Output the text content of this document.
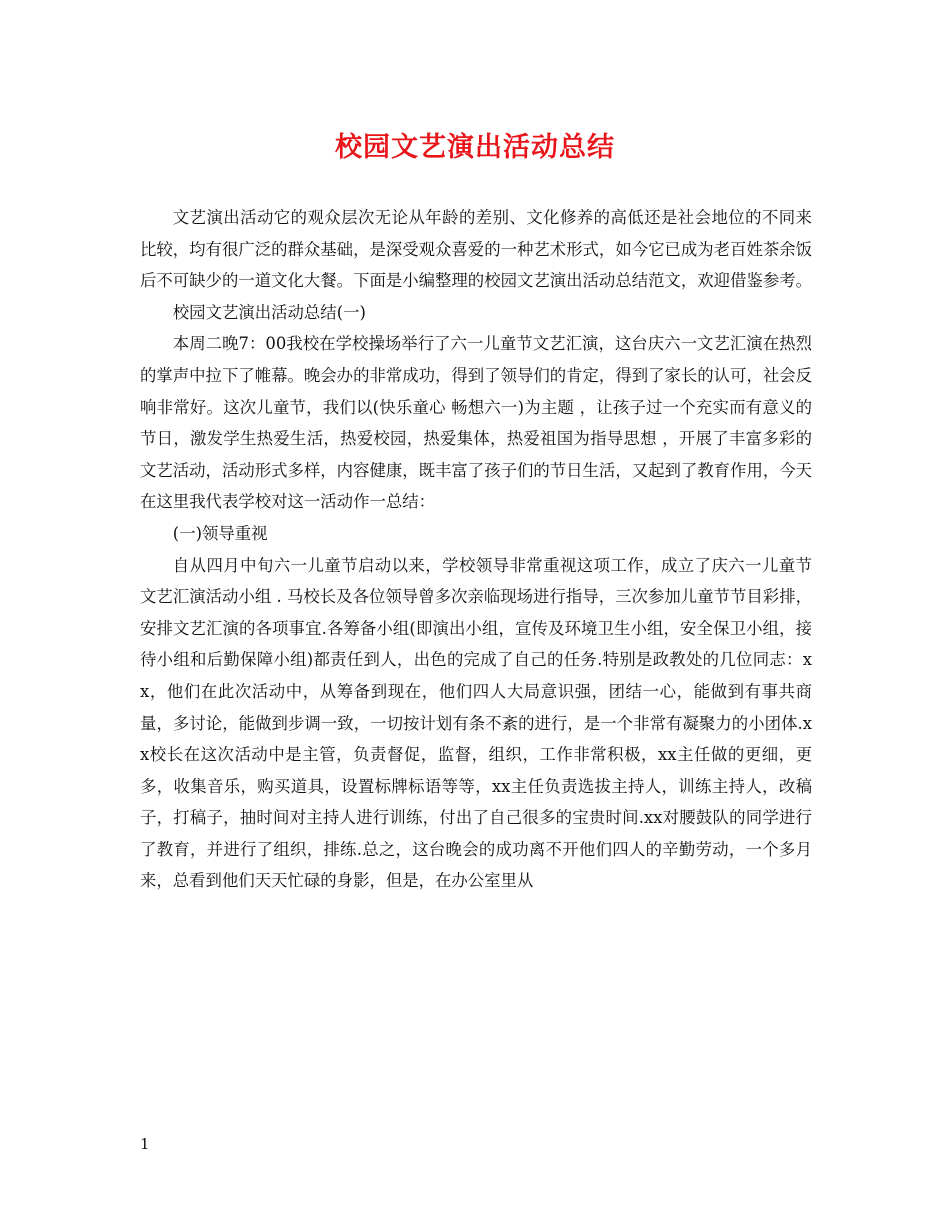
校园文艺演出活动总结

文艺演出活动它的观众层次无论从年龄的差别、文化修养的高低还是社会地位的不同来比较，均有很广泛的群众基础，是深受观众喜爱的一种艺术形式，如今它已成为老百姓茶余饭后不可缺少的一道文化大餐。下面是小编整理的校园文艺演出活动总结范文，欢迎借鉴参考。

校园文艺演出活动总结(一)

本周二晚7：00我校在学校操场举行了六一儿童节文艺汇演，这台庆六一文艺汇演在热烈的掌声中拉下了帷幕。晚会办的非常成功，得到了领导们的肯定，得到了家长的认可，社会反响非常好。这次儿童节，我们以(快乐童心 畅想六一)为主题 ，让孩子过一个充实而有意义的节日，激发学生热爱生活，热爱校园，热爱集体，热爱祖国为指导思想 ，开展了丰富多彩的文艺活动，活动形式多样，内容健康，既丰富了孩子们的节日生活，又起到了教育作用，今天在这里我代表学校对这一活动作一总结：

(一)领导重视

自从四月中旬六一儿童节启动以来，学校领导非常重视这项工作，成立了庆六一儿童节文艺汇演活动小组 . 马校长及各位领导曾多次亲临现场进行指导，三次参加儿童节节目彩排，安排文艺汇演的各项事宜.各筹备小组(即演出小组，宣传及环境卫生小组，安全保卫小组，接待小组和后勤保障小组)都责任到人，出色的完成了自己的任务.特别是政教处的几位同志：xx，他们在此次活动中，从筹备到现在，他们四人大局意识强，团结一心，能做到有事共商量，多讨论，能做到步调一致，一切按计划有条不紊的进行，是一个非常有凝聚力的小团体.xx校长在这次活动中是主管，负责督促，监督，组织，工作非常积极，xx主任做的更细，更多，收集音乐，购买道具，设置标牌标语等等，xx主任负责选拔主持人，训练主持人，改稿子，打稿子，抽时间对主持人进行训练，付出了自己很多的宝贵时间.xx对腰鼓队的同学进行了教育，并进行了组织，排练.总之，这台晚会的成功离不开他们四人的辛勤劳动，一个多月来，总看到他们天天忙碌的身影，但是，在办公室里从

1
